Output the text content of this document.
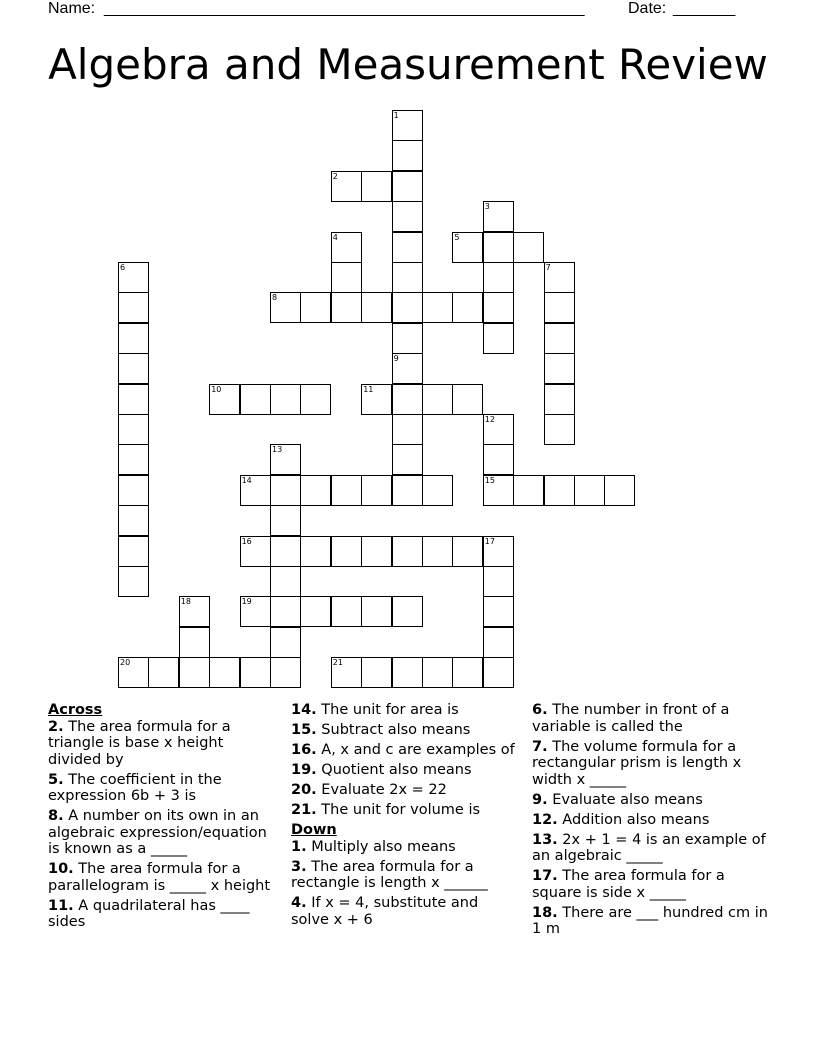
Name: ______________________________________________________	Date: _______
Algebra and Measurement Review
1
9
2
3
4	5
6	7
8
10	11
12
15
13
14
16	17
18	19
20	21
Across
2. The area formula for a triangle is base x height divided by
5. The coefficient in the expression 6b + 3 is
8. A number on its own in an algebraic expression/equation is known as a _____
10. The area formula for a parallelogram is _____ x height
11. A quadrilateral has ____ sides
14. The unit for area is
15. Subtract also means
16. A, x and c are examples of
19. Quotient also means
20. Evaluate 2x = 22
21. The unit for volume is
Down
1. Multiply also means
3. The area formula for a rectangle is length x ______
4. If x = 4, substitute and solve x + 6
6. The number in front of a variable is called the
7. The volume formula for a rectangular prism is length x width x _____
9. Evaluate also means
12. Addition also means
13. 2x + 1 = 4 is an example of an algebraic _____
17. The area formula for a square is side x _____
18. There are ___ hundred cm in 1 m
